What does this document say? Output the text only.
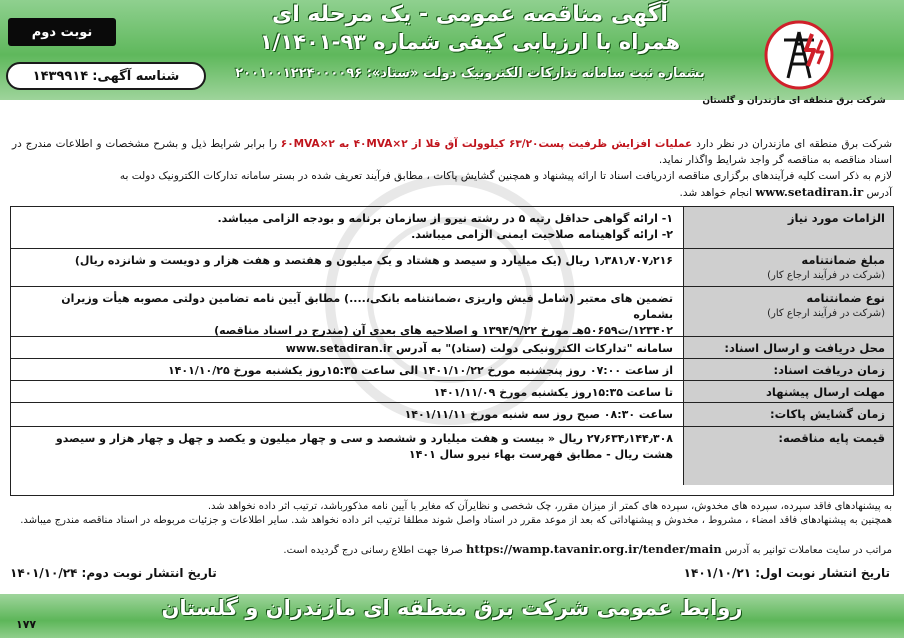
نوبت دوم
شناسه آگهی:
۱۴۳۹۹۱۴
آگهی مناقصه عمومی - یک مرحله ای
همراه با ارزیابی کیفی شماره ۹۳-۱/۱۴۰۱
بشماره ثبت سامانه تدارکات الکترونیک دولت «ستاد»: ۲۰۰۱۰۰۱۲۲۴۰۰۰۰۹۶
شرکت برق منطقه ای مازندران و گلستان
شرکت برق منطقه ای مازندران در نظر دارد عملیات افزایش ظرفیت پست۶۳/۲۰ کیلوولت آق قلا از ۲×۴۰MVA به ۲×۶۰MVA را برابر شرایط ذیل و بشرح مشخصات و اطلاعات مندرج در اسناد مناقصه به مناقصه گر واجد شرایط واگذار نماید.
لازم به ذکر است کلیه فرآیندهای برگزاری مناقصه ازدریافت اسناد تا ارائه پیشنهاد و همچنین گشایش پاکات ، مطابق فرآیند تعریف شده در بستر سامانه تدارکات الکترونیک دولت به
آدرس www.setadiran.ir انجام خواهد شد.
الزامات مورد نیاز
۱- ارائه گواهی حداقل رتبه ۵ در رشته نیرو از سازمان برنامه و بودجه الزامی میباشد.
۲- ارائه گواهینامه صلاحیت ایمنی الزامی میباشد.
مبلغ ضمانتنامه
(شرکت در فرآیند ارجاع کار)
۱٫۳۸۱٫۷۰۷٫۲۱۶ ریال (یک میلیارد و سیصد و هشتاد و یک میلیون و هفتصد و هفت هزار و دویست و شانزده ریال)
نوع ضمانتنامه
(شرکت در فرآیند ارجاع کار)
تضمین های معتبر (شامل فیش واریزی ،ضمانتنامه بانکی،....) مطابق آیین نامه تضامین دولتی مصوبه هیأت وزیران بشماره
۱۲۳۴۰۲/ت۵۰۶۵۹هـ مورخ ۱۳۹۴/۹/۲۲ و اصلاحیه های بعدی آن (مندرج در اسناد مناقصه)
محل دریافت و ارسال اسناد:
سامانه "تدارکات الکترونیکی دولت (ستاد)" به آدرس www.setadiran.ir
زمان دریافت اسناد:
از ساعت ۰۷:۰۰ روز پنجشنبه مورخ ۱۴۰۱/۱۰/۲۲ الی ساعت ۱۵:۳۵روز یکشنبه مورخ ۱۴۰۱/۱۰/۲۵
مهلت ارسال پیشنهاد
تا ساعت ۱۵:۳۵روز یکشنبه مورخ ۱۴۰۱/۱۱/۰۹
زمان گشایش پاکات:
ساعت ۰۸:۳۰ صبح روز سه شنبه مورخ ۱۴۰۱/۱۱/۱۱
قیمت پایه مناقصه:
۲۷٫۶۳۴٫۱۴۴٫۳۰۸ ریال « بیست و هفت میلیارد و ششصد و سی و چهار میلیون و یکصد و چهل و چهار هزار و سیصدو
هشت ریال - مطابق فهرست بهاء نیرو سال ۱۴۰۱
به پیشنهادهای فاقد سپرده، سپرده های مخدوش، سپرده های کمتر از میزان مقرر، چک شخصی و نظایرآن که مغایر با آیین نامه مذکورباشد، ترتیب اثر داده نخواهد شد.
همچنین به پیشنهادهای فاقد امضاء ، مشروط ، مخدوش و پیشنهاداتی که بعد از موعد مقرر در اسناد واصل شوند مطلقا ترتیب اثر داده نخواهد شد. سایر اطلاعات و جزئیات مربوطه در اسناد مناقصه مندرج میباشد.
مراتب در سایت معاملات توانیر به آدرس https://wamp.tavanir.org.ir/tender/main صرفا جهت اطلاع رسانی درج گردیده است.
تاریخ انتشار نوبت اول: ۱۴۰۱/۱۰/۲۱
تاریخ انتشار نوبت دوم: ۱۴۰۱/۱۰/۲۴
روابط عمومی شرکت برق منطقه ای مازندران و گلستان
۱۷۷
